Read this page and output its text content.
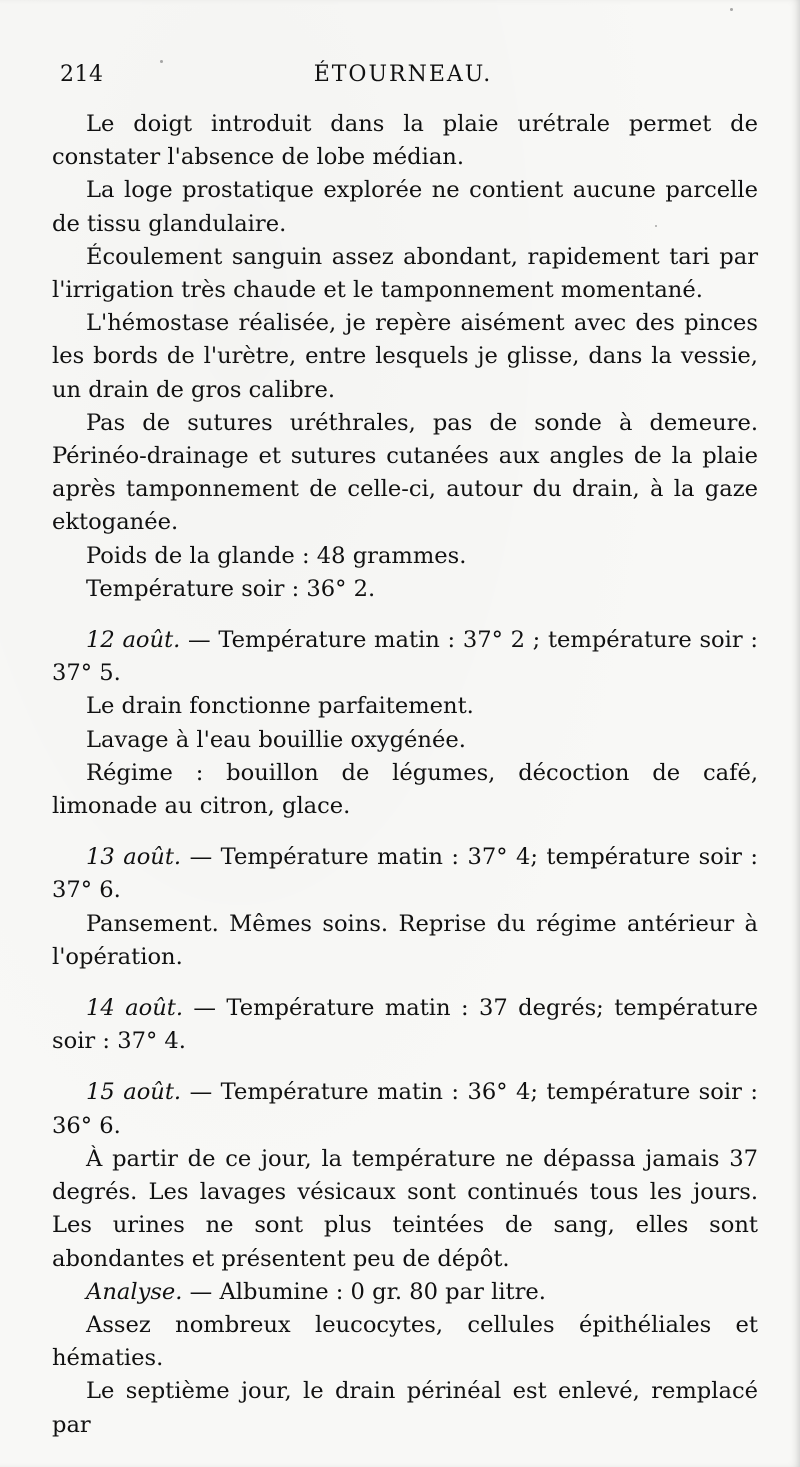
214	ÉTOURNEAU.

Le doigt introduit dans la plaie urétrale permet de constater l'absence de lobe médian.

La loge prostatique explorée ne contient aucune parcelle de tissu glandulaire.

Écoulement sanguin assez abondant, rapidement tari par l'irrigation très chaude et le tamponnement momentané.

L'hémostase réalisée, je repère aisément avec des pinces les bords de l'urètre, entre lesquels je glisse, dans la vessie, un drain de gros calibre.

Pas de sutures uréthrales, pas de sonde à demeure. Périnéo-drainage et sutures cutanées aux angles de la plaie après tamponnement de celle-ci, autour du drain, à la gaze ektoganée.

Poids de la glande : 48 grammes.

Température soir : 36° 2.

12 août. — Température matin : 37° 2 ; température soir : 37° 5.

Le drain fonctionne parfaitement.

Lavage à l'eau bouillie oxygénée.

Régime : bouillon de légumes, décoction de café, limonade au citron, glace.

13 août. — Température matin : 37° 4; température soir : 37° 6.

Pansement. Mêmes soins. Reprise du régime antérieur à l'opération.

14 août. — Température matin : 37 degrés; température soir : 37° 4.

15 août. — Température matin : 36° 4; température soir : 36° 6.

À partir de ce jour, la température ne dépassa jamais 37 degrés. Les lavages vésicaux sont continués tous les jours. Les urines ne sont plus teintées de sang, elles sont abondantes et présentent peu de dépôt.

Analyse. — Albumine : 0 gr. 80 par litre.

Assez nombreux leucocytes, cellules épithéliales et hématies.

Le septième jour, le drain périnéal est enlevé, remplacé par
